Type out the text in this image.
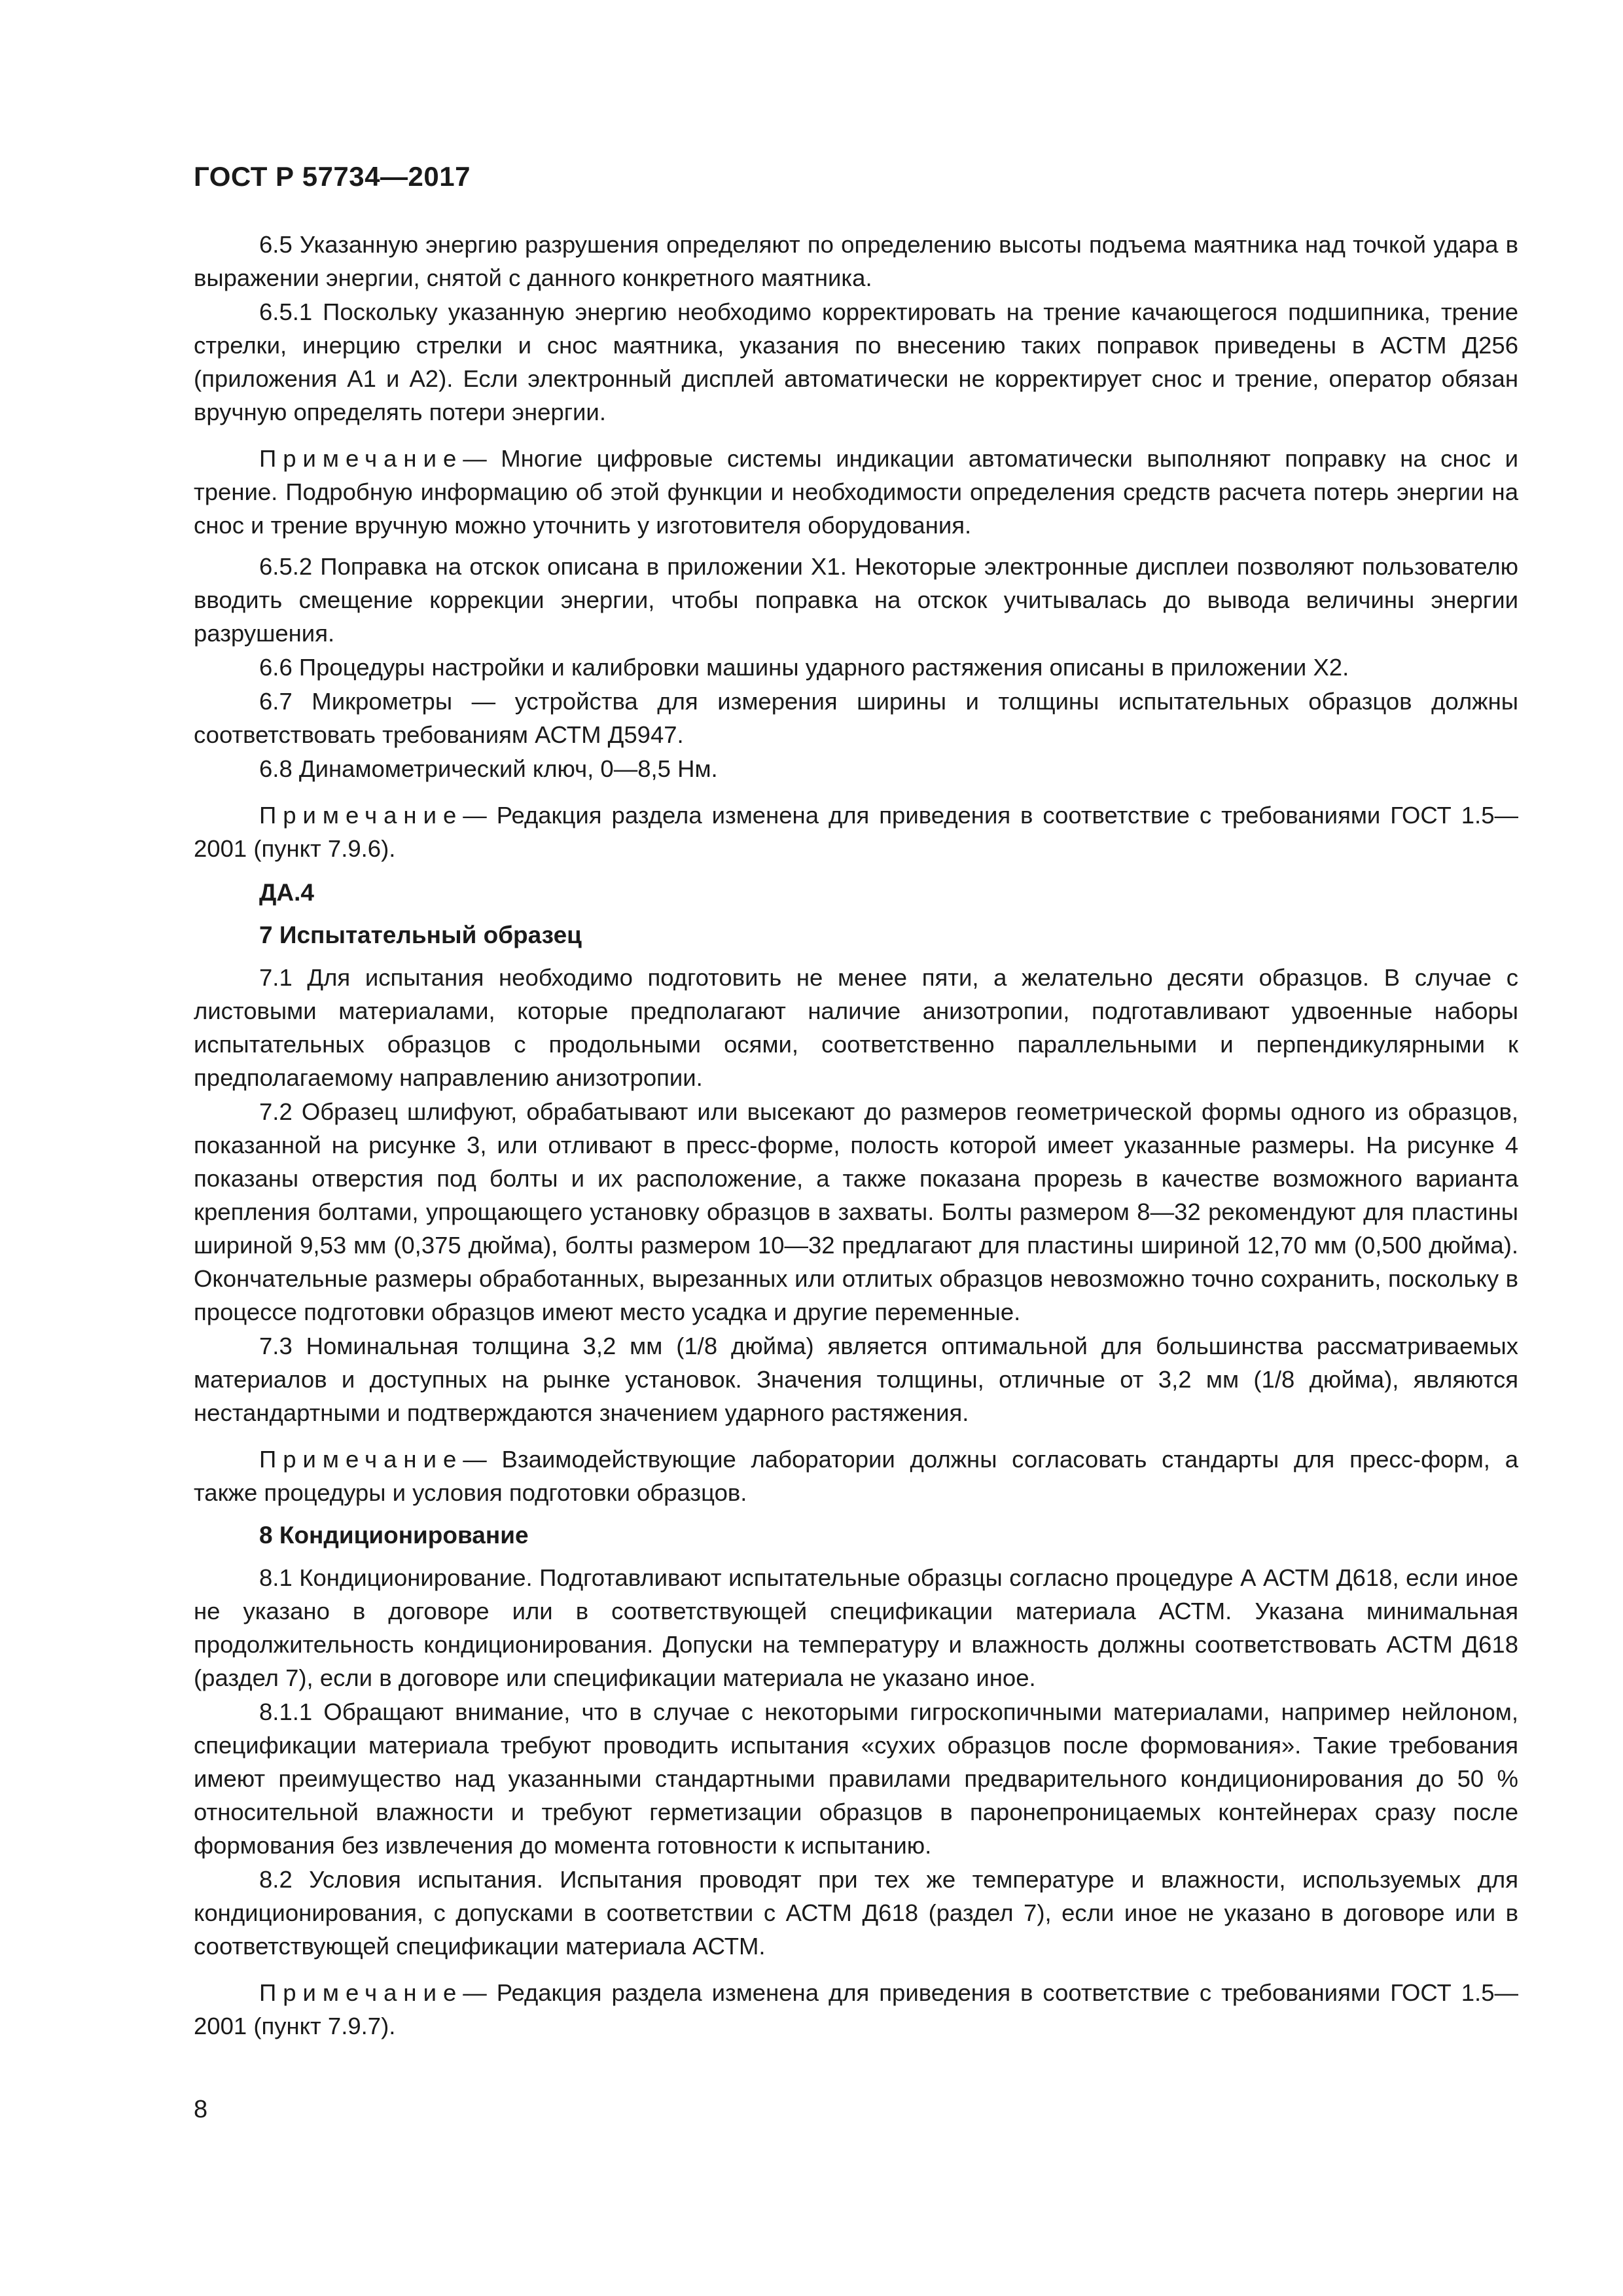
ГОСТ Р 57734—2017

6.5 Указанную энергию разрушения определяют по определению высоты подъема маятника над точкой удара в выражении энергии, снятой с данного конкретного маятника.

6.5.1 Поскольку указанную энергию необходимо корректировать на трение качающегося подшипника, трение стрелки, инерцию стрелки и снос маятника, указания по внесению таких поправок приведены в АСТМ Д256 (приложения А1 и А2). Если электронный дисплей автоматически не корректирует снос и трение, оператор обязан вручную определять потери энергии.

Примечание— Многие цифровые системы индикации автоматически выполняют поправку на снос и трение. Подробную информацию об этой функции и необходимости определения средств расчета потерь энергии на снос и трение вручную можно уточнить у изготовителя оборудования.

6.5.2 Поправка на отскок описана в приложении Х1. Некоторые электронные дисплеи позволяют пользователю вводить смещение коррекции энергии, чтобы поправка на отскок учитывалась до вывода величины энергии разрушения.

6.6 Процедуры настройки и калибровки машины ударного растяжения описаны в приложении Х2.

6.7 Микрометры — устройства для измерения ширины и толщины испытательных образцов должны соответствовать требованиям АСТМ Д5947.

6.8 Динамометрический ключ, 0—8,5 Нм.

Примечание— Редакция раздела изменена для приведения в соответствие с требованиями ГОСТ 1.5—2001 (пункт 7.9.6).

ДА.4
7 Испытательный образец

7.1 Для испытания необходимо подготовить не менее пяти, а желательно десяти образцов. В случае с листовыми материалами, которые предполагают наличие анизотропии, подготавливают удвоенные наборы испытательных образцов с продольными осями, соответственно параллельными и перпендикулярными к предполагаемому направлению анизотропии.

7.2 Образец шлифуют, обрабатывают или высекают до размеров геометрической формы одного из образцов, показанной на рисунке 3, или отливают в пресс-форме, полость которой имеет указанные размеры. На рисунке 4 показаны отверстия под болты и их расположение, а также показана прорезь в качестве возможного варианта крепления болтами, упрощающего установку образцов в захваты. Болты размером 8—32 рекомендуют для пластины шириной 9,53 мм (0,375 дюйма), болты размером 10—32 предлагают для пластины шириной 12,70 мм (0,500 дюйма). Окончательные размеры обработанных, вырезанных или отлитых образцов невозможно точно сохранить, поскольку в процессе подготовки образцов имеют место усадка и другие переменные.

7.3 Номинальная толщина 3,2 мм (1/8 дюйма) является оптимальной для большинства рассматриваемых материалов и доступных на рынке установок. Значения толщины, отличные от 3,2 мм (1/8 дюйма), являются нестандартными и подтверждаются значением ударного растяжения.

Примечание— Взаимодействующие лаборатории должны согласовать стандарты для пресс-форм, а также процедуры и условия подготовки образцов.

8 Кондиционирование

8.1 Кондиционирование. Подготавливают испытательные образцы согласно процедуре А АСТМ Д618, если иное не указано в договоре или в соответствующей спецификации материала АСТМ. Указана минимальная продолжительность кондиционирования. Допуски на температуру и влажность должны соответствовать АСТМ Д618 (раздел 7), если в договоре или спецификации материала не указано иное.

8.1.1 Обращают внимание, что в случае с некоторыми гигроскопичными материалами, например нейлоном, спецификации материала требуют проводить испытания «сухих образцов после формования». Такие требования имеют преимущество над указанными стандартными правилами предварительного кондиционирования до 50 % относительной влажности и требуют герметизации образцов в паронепроницаемых контейнерах сразу после формования без извлечения до момента готовности к испытанию.

8.2 Условия испытания. Испытания проводят при тех же температуре и влажности, используемых для кондиционирования, с допусками в соответствии с АСТМ Д618 (раздел 7), если иное не указано в договоре или в соответствующей спецификации материала АСТМ.

Примечание— Редакция раздела изменена для приведения в соответствие с требованиями ГОСТ 1.5—2001 (пункт 7.9.7).

8
